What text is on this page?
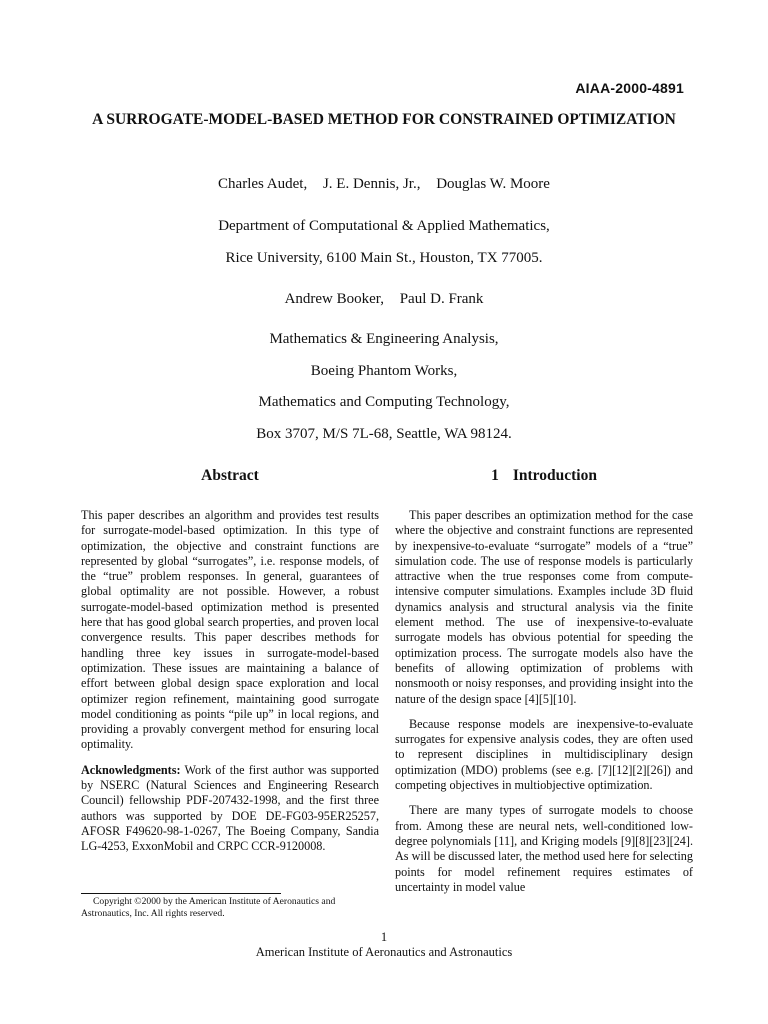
AIAA-2000-4891
A SURROGATE-MODEL-BASED METHOD FOR CONSTRAINED OPTIMIZATION
Charles Audet, J. E. Dennis, Jr., Douglas W. Moore
Department of Computational & Applied Mathematics,
Rice University, 6100 Main St., Houston, TX 77005.
Andrew Booker, Paul D. Frank
Mathematics & Engineering Analysis,
Boeing Phantom Works,
Mathematics and Computing Technology,
Box 3707, M/S 7L-68, Seattle, WA 98124.
Abstract

This paper describes an algorithm and provides test results for surrogate-model-based optimization. In this type of optimization, the objective and constraint functions are represented by global “surrogates”, i.e. response models, of the “true” problem responses. In general, guarantees of global optimality are not possible. However, a robust surrogate-model-based optimization method is presented here that has good global search properties, and proven local convergence results. This paper describes methods for handling three key issues in surrogate-model-based optimization. These issues are maintaining a balance of effort between global design space exploration and local optimizer region refinement, maintaining good surrogate model conditioning as points “pile up” in local regions, and providing a provably convergent method for ensuring local optimality.

Acknowledgments: Work of the first author was supported by NSERC (Natural Sciences and Engineering Research Council) fellowship PDF-207432-1998, and the first three authors was supported by DOE DE-FG03-95ER25257, AFOSR F49620-98-1-0267, The Boeing Company, Sandia LG-4253, ExxonMobil and CRPC CCR-9120008.

Copyright ©2000 by the American Institute of Aeronautics and Astronautics, Inc. All rights reserved.
1 Introduction

This paper describes an optimization method for the case where the objective and constraint functions are represented by inexpensive-to-evaluate “surrogate” models of a “true” simulation code. The use of response models is particularly attractive when the true responses come from compute-intensive computer simulations. Examples include 3D fluid dynamics analysis and structural analysis via the finite element method. The use of inexpensive-to-evaluate surrogate models has obvious potential for speeding the optimization process. The surrogate models also have the benefits of allowing optimization of problems with nonsmooth or noisy responses, and providing insight into the nature of the design space [4][5][10].

Because response models are inexpensive-to-evaluate surrogates for expensive analysis codes, they are often used to represent disciplines in multidisciplinary design optimization (MDO) problems (see e.g. [7][12][2][26]) and competing objectives in multiobjective optimization.

There are many types of surrogate models to choose from. Among these are neural nets, well-conditioned low-degree polynomials [11], and Kriging models [9][8][23][24]. As will be discussed later, the method used here for selecting points for model refinement requires estimates of uncertainty in model value

1
American Institute of Aeronautics and Astronautics
